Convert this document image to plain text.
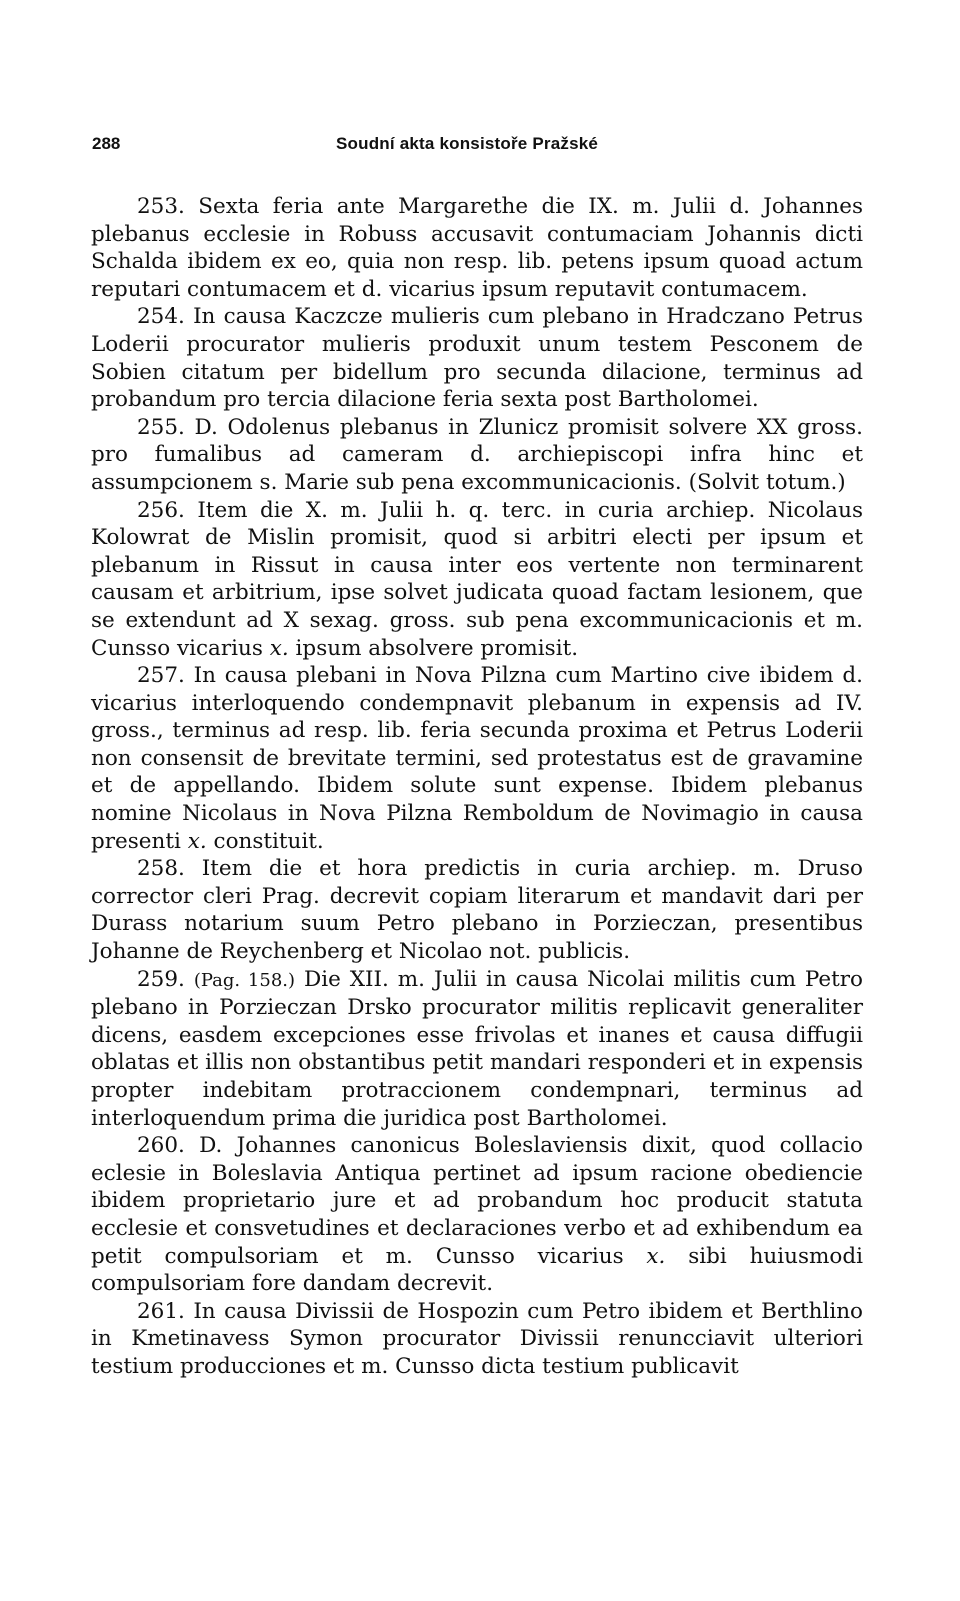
288	Soudní akta konsistoře Pražské

253. Sexta feria ante Margarethe die IX. m. Julii d. Johannes plebanus ecclesie in Robuss accusavit contumaciam Johannis dicti Schalda ibidem ex eo, quia non resp. lib. petens ipsum quoad actum reputari contumacem et d. vicarius ipsum reputavit contumacem.

254. In causa Kaczcze mulieris cum plebano in Hradczano Petrus Loderii procurator mulieris produxit unum testem Pesconem de Sobien citatum per bidellum pro secunda dilacione, terminus ad probandum pro tercia dilacione feria sexta post Bartholomei.

255. D. Odolenus plebanus in Zlunicz promisit solvere XX gross. pro fumalibus ad cameram d. archiepiscopi infra hinc et assumpcionem s. Marie sub pena excommunicacionis. (Solvit totum.)

256. Item die X. m. Julii h. q. terc. in curia archiep. Nicolaus Kolowrat de Mislin promisit, quod si arbitri electi per ipsum et plebanum in Rissut in causa inter eos vertente non terminarent causam et arbitrium, ipse solvet judicata quoad factam lesionem, que se extendunt ad X sexag. gross. sub pena excommunicacionis et m. Cunsso vicarius x. ipsum absolvere promisit.

257. In causa plebani in Nova Pilzna cum Martino cive ibidem d. vicarius interloquendo condempnavit plebanum in expensis ad IV. gross., terminus ad resp. lib. feria secunda proxima et Petrus Loderii non consensit de brevitate termini, sed protestatus est de gravamine et de appellando. Ibidem solute sunt expense. Ibidem plebanus nomine Nicolaus in Nova Pilzna Remboldum de Novimagio in causa presenti x. constituit.

258. Item die et hora predictis in curia archiep. m. Druso corrector cleri Prag. decrevit copiam literarum et mandavit dari per Durass notarium suum Petro plebano in Porzieczan, presentibus Johanne de Reychenberg et Nicolao not. publicis.

259. (Pag. 158.) Die XII. m. Julii in causa Nicolai militis cum Petro plebano in Porzieczan Drsko procurator militis replicavit generaliter dicens, easdem excepciones esse frivolas et inanes et causa diffugii oblatas et illis non obstantibus petit mandari responderi et in expensis propter indebitam protraccionem condempnari, terminus ad interloquendum prima die juridica post Bartholomei.

260. D. Johannes canonicus Boleslaviensis dixit, quod collacio eclesie in Boleslavia Antiqua pertinet ad ipsum racione obediencie ibidem proprietario jure et ad probandum hoc producit statuta ecclesie et consvetudines et declaraciones verbo et ad exhibendum ea petit compulsoriam et m. Cunsso vicarius x. sibi huiusmodi compulsoriam fore dandam decrevit.

261. In causa Divissii de Hospozin cum Petro ibidem et Berthlino in Kmetinavess Symon procurator Divissii renuncciavit ulteriori testium producciones et m. Cunsso dicta testium publicavit
